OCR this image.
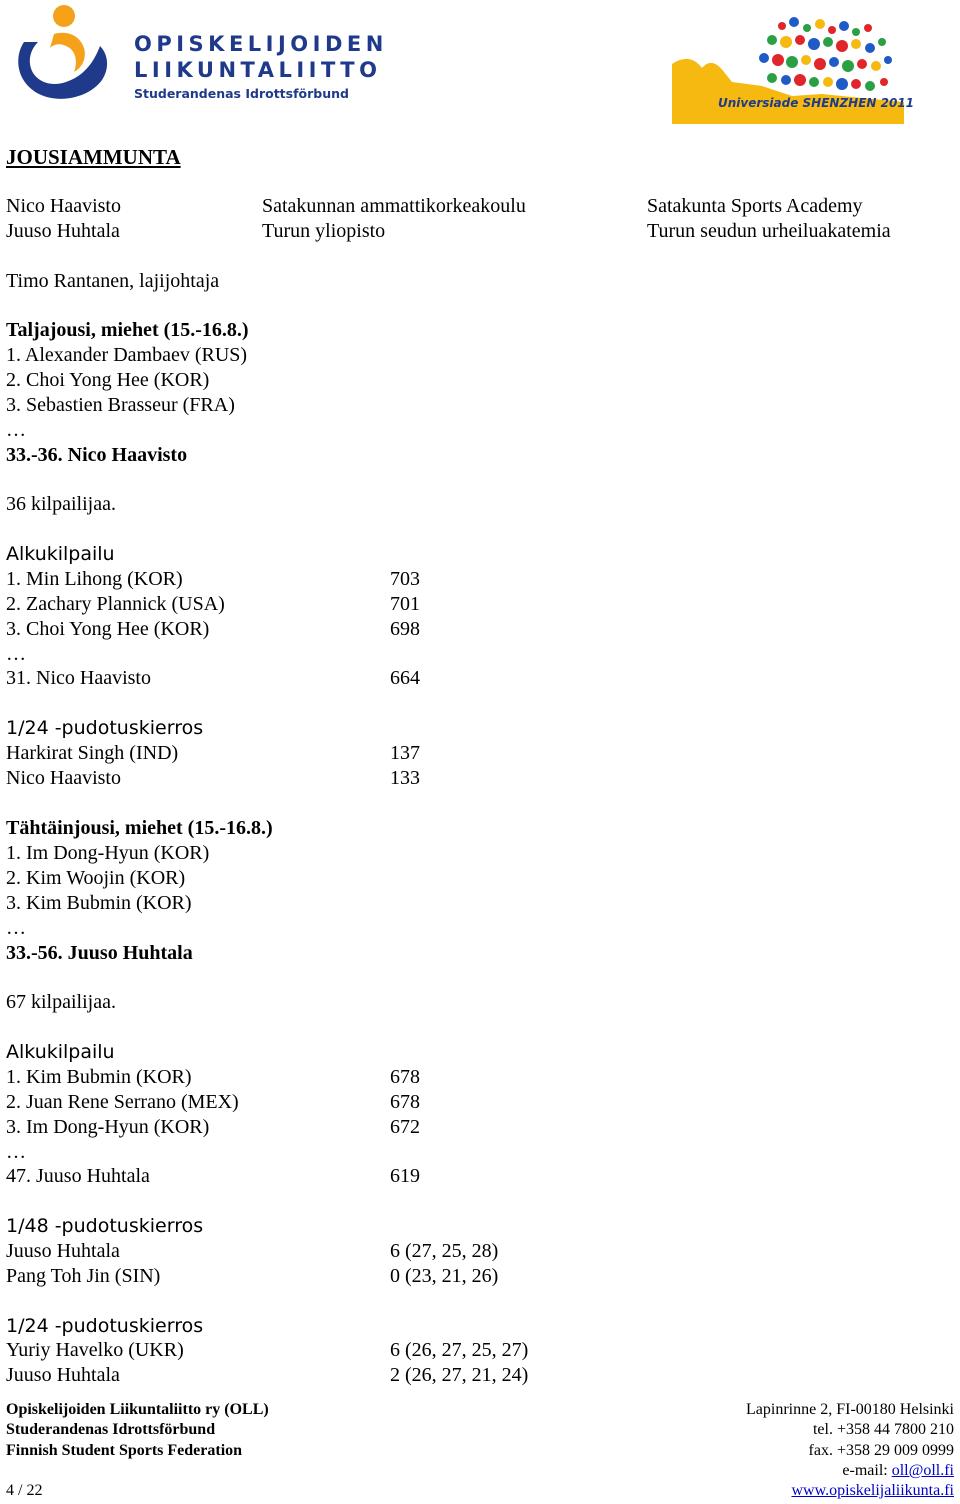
OPISKELIJOIDEN
LIIKUNTALIITTO
Studerandenas Idrottsförbund
Universiade SHENZHEN 2011
JOUSIAMMUNTA
Nico Haavisto	Satakunnan ammattikorkeakoulu	Satakunta Sports Academy
Juuso Huhtala	Turun yliopisto	Turun seudun urheiluakatemia
Timo Rantanen, lajijohtaja
Taljajousi, miehet (15.-16.8.)
1. Alexander Dambaev (RUS)
2. Choi Yong Hee (KOR)
3. Sebastien Brasseur (FRA)
…
33.-36. Nico Haavisto
36 kilpailijaa.
Alkukilpailu
1. Min Lihong (KOR)	703
2. Zachary Plannick (USA)	701
3. Choi Yong Hee (KOR)	698
…
31. Nico Haavisto	664
1/24 -pudotuskierros
Harkirat Singh (IND)	137
Nico Haavisto	133
Tähtäinjousi, miehet (15.-16.8.)
1. Im Dong-Hyun (KOR)
2. Kim Woojin (KOR)
3. Kim Bubmin (KOR)
…
33.-56. Juuso Huhtala
67 kilpailijaa.
Alkukilpailu
1. Kim Bubmin (KOR)	678
2. Juan Rene Serrano (MEX)	678
3. Im Dong-Hyun (KOR)	672
…
47. Juuso Huhtala	619
1/48 -pudotuskierros
Juuso Huhtala	6 (27, 25, 28)
Pang Toh Jin (SIN)	0 (23, 21, 26)
1/24 -pudotuskierros
Yuriy Havelko (UKR)	6 (26, 27, 25, 27)
Juuso Huhtala	2 (26, 27, 21, 24)
Opiskelijoiden Liikuntaliitto ry (OLL)
Studerandenas Idrottsförbund
Finnish Student Sports Federation
4 / 22
Lapinrinne 2, FI-00180 Helsinki
tel. +358 44 7800 210
fax. +358 29 009 0999
e-mail: oll@oll.fi
www.opiskelijaliikunta.fi
